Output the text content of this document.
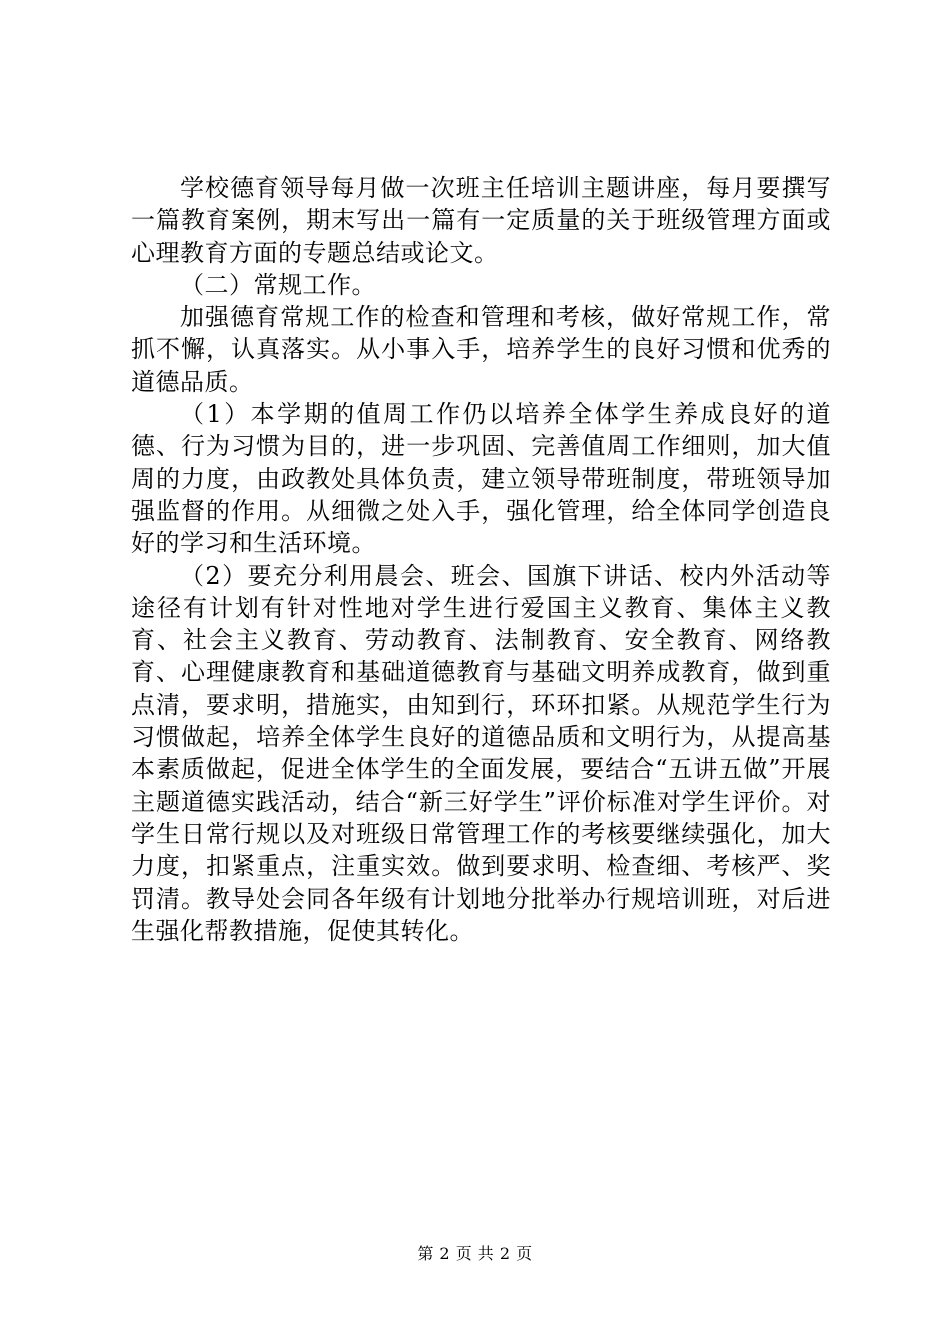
学校德育领导每月做一次班主任培训主题讲座，每月要撰写一篇教育案例，期末写出一篇有一定质量的关于班级管理方面或心理教育方面的专题总结或论文。

（二）常规工作。

加强德育常规工作的检查和管理和考核，做好常规工作，常抓不懈，认真落实。从小事入手，培养学生的良好习惯和优秀的道德品质。

（1）本学期的值周工作仍以培养全体学生养成良好的道德、行为习惯为目的，进一步巩固、完善值周工作细则，加大值周的力度，由政教处具体负责，建立领导带班制度，带班领导加强监督的作用。从细微之处入手，强化管理，给全体同学创造良好的学习和生活环境。

（2）要充分利用晨会、班会、国旗下讲话、校内外活动等途径有计划有针对性地对学生进行爱国主义教育、集体主义教育、社会主义教育、劳动教育、法制教育、安全教育、网络教育、心理健康教育和基础道德教育与基础文明养成教育，做到重点清，要求明，措施实，由知到行，环环扣紧。从规范学生行为习惯做起，培养全体学生良好的道德品质和文明行为，从提高基本素质做起，促进全体学生的全面发展，要结合“五讲五做”开展主题道德实践活动，结合“新三好学生”评价标准对学生评价。对学生日常行规以及对班级日常管理工作的考核要继续强化，加大力度，扣紧重点，注重实效。做到要求明、检查细、考核严、奖罚清。教导处会同各年级有计划地分批举办行规培训班，对后进生强化帮教措施，促使其转化。

第 2 页 共 2 页
